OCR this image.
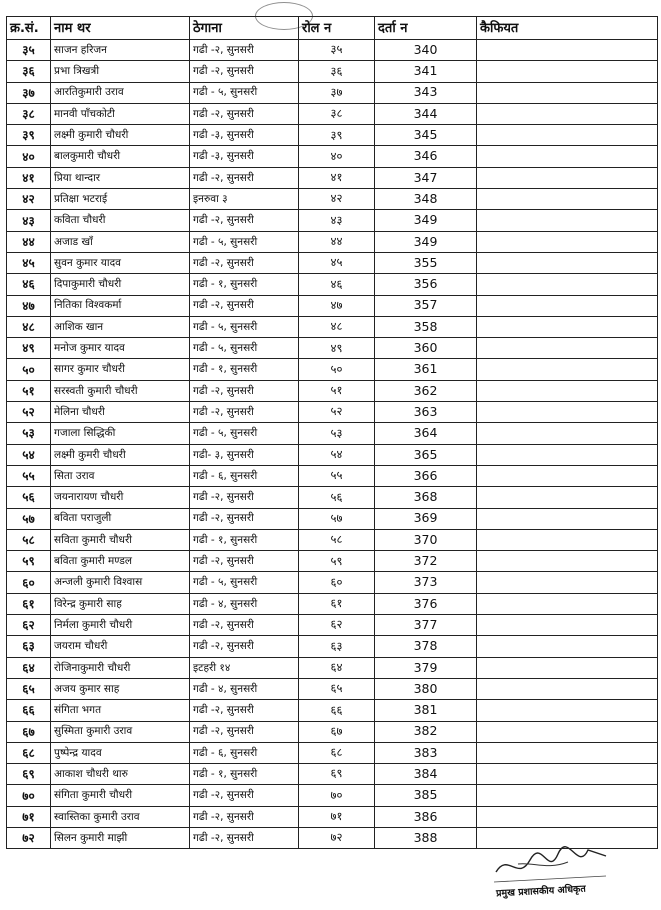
क्र.सं.	नाम थर	ठेगाना	रोल न	दर्ता न	कैफियत
३५	साजन हरिजन	गढी -२, सुनसरी	३५	340	
३६	प्रभा त्रिखत्री	गढी -२, सुनसरी	३६	341	
३७	आरतिकुमारी उराव	गढी - ५, सुनसरी	३७	343	
३८	मानवी पाँचकोटी	गढी -२, सुनसरी	३८	344	
३९	लक्ष्मी कुमारी चौधरी	गढी -३, सुनसरी	३९	345	
४०	बालकुमारी चौधरी	गढी -३, सुनसरी	४०	346	
४१	प्रिया थान्दार	गढी -२, सुनसरी	४१	347	
४२	प्रतिक्षा भटराई	इनरुवा ३	४२	348	
४३	कविता चौधरी	गढी -२, सुनसरी	४३	349	
४४	अजाड खाँ	गढी - ५, सुनसरी	४४	349	
४५	सुवन कुमार यादव	गढी -२, सुनसरी	४५	355	
४६	दिपाकुमारी चौधरी	गढी - १, सुनसरी	४६	356	
४७	नितिका विश्वकर्मा	गढी -२, सुनसरी	४७	357	
४८	आशिक खान	गढी - ५, सुनसरी	४८	358	
४९	मनोज कुमार यादव	गढी - ५, सुनसरी	४९	360	
५०	सागर कुमार चौधरी	गढी - १, सुनसरी	५०	361	
५१	सरस्वती कुमारी चौधरी	गढी -२, सुनसरी	५१	362	
५२	मेलिना चौधरी	गढी -२, सुनसरी	५२	363	
५३	गजाला सिद्धिकी	गढी - ५, सुनसरी	५३	364	
५४	लक्ष्मी कुमरी चौधरी	गढी- ३, सुनसरी	५४	365	
५५	सिता उराव	गढी - ६, सुनसरी	५५	366	
५६	जयनारायण चौधरी	गढी -२, सुनसरी	५६	368	
५७	बविता पराजुली	गढी -२, सुनसरी	५७	369	
५८	सविता कुमारी चौधरी	गढी - १, सुनसरी	५८	370	
५९	बविता कुमारी मण्डल	गढी -२, सुनसरी	५९	372	
६०	अन्जली कुमारी विश्वास	गढी - ५, सुनसरी	६०	373	
६१	विरेन्द्र कुमारी साह	गढी - ४, सुनसरी	६१	376	
६२	निर्मला कुमारी चौधरी	गढी -२, सुनसरी	६२	377	
६३	जयराम चौधरी	गढी -२, सुनसरी	६३	378	
६४	रोजिनाकुमारी चौधरी	इटहरी १४	६४	379	
६५	अजय कुमार साह	गढी - ४, सुनसरी	६५	380	
६६	संगिता भगत	गढी -२, सुनसरी	६६	381	
६७	सुस्मिता कुमारी उराव	गढी -२, सुनसरी	६७	382	
६८	पुष्पेन्द्र यादव	गढी - ६, सुनसरी	६८	383	
६९	आकाश चौधरी थारु	गढी - १, सुनसरी	६९	384	
७०	संगिता कुमारी चौधरी	गढी -२, सुनसरी	७०	385	
७१	स्वास्तिका कुमारी उराव	गढी -२, सुनसरी	७१	386	
७२	सिलन कुमारी माझी	गढी -२, सुनसरी	७२	388	
प्रमुख प्रशासकीय अधिकृत
